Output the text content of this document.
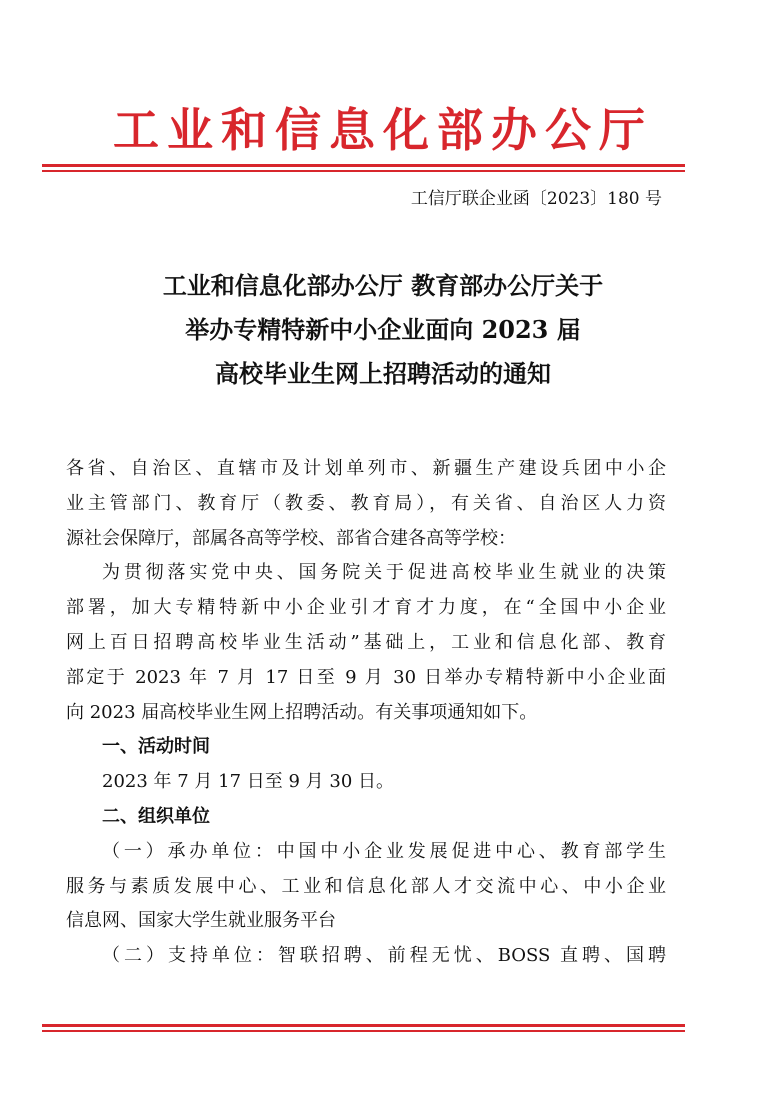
工业和信息化部办公厅
工信厅联企业函〔2023〕180 号
工业和信息化部办公厅 教育部办公厅关于
举办专精特新中小企业面向 2023 届
高校毕业生网上招聘活动的通知
各省、自治区、直辖市及计划单列市、新疆生产建设兵团中小企
业主管部门、教育厅（教委、教育局），有关省、自治区人力资
源社会保障厅，部属各高等学校、部省合建各高等学校：
为贯彻落实党中央、国务院关于促进高校毕业生就业的决策
部署，加大专精特新中小企业引才育才力度，在“全国中小企业
网上百日招聘高校毕业生活动”基础上，工业和信息化部、教育
部定于 2023 年 7 月 17 日至 9 月 30 日举办专精特新中小企业面
向 2023 届高校毕业生网上招聘活动。有关事项通知如下。
一、活动时间
2023 年 7 月 17 日至 9 月 30 日。
二、组织单位
（一）承办单位：中国中小企业发展促进中心、教育部学生
服务与素质发展中心、工业和信息化部人才交流中心、中小企业
信息网、国家大学生就业服务平台
（二）支持单位：智联招聘、前程无忧、BOSS 直聘、国聘
